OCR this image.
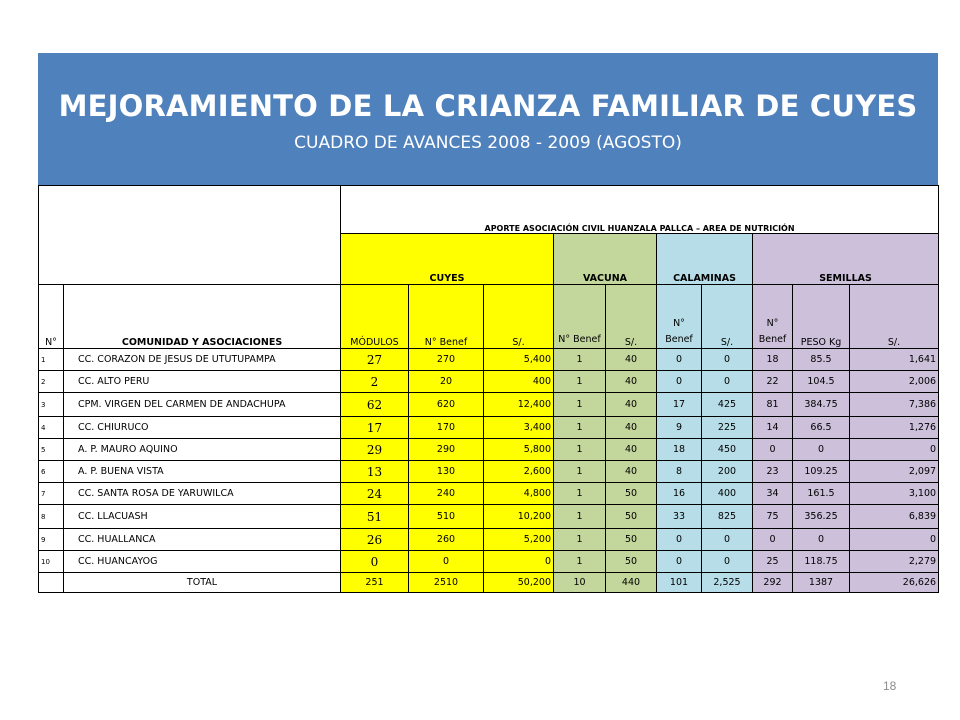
MEJORAMIENTO DE LA CRIANZA FAMILIAR DE CUYES
CUADRO DE AVANCES 2008 - 2009 (AGOSTO)
		APORTE ASOCIACIÓN CIVIL HUANZALA PALLCA – AREA DE NUTRICIÓN									
		CUYES			VACUNA		CALAMINAS		SEMILLAS		
N°	COMUNIDAD Y ASOCIACIONES	MÓDULOS	N° Benef	S/.	N° Benef	S/.	N° Benef	S/.	N° Benef	PESO Kg	S/.
1	CC. CORAZON DE JESUS DE UTUTUPAMPA	27	270	5,400	1	40	0	0	18	85.5	1,641
2	CC. ALTO PERU	2	20	400	1	40	0	0	22	104.5	2,006
3	CPM. VIRGEN DEL CARMEN DE ANDACHUPA	62	620	12,400	1	40	17	425	81	384.75	7,386
4	CC. CHIURUCO	17	170	3,400	1	40	9	225	14	66.5	1,276
5	A. P. MAURO AQUINO	29	290	5,800	1	40	18	450	0	0	0
6	A. P. BUENA VISTA	13	130	2,600	1	40	8	200	23	109.25	2,097
7	CC. SANTA ROSA DE YARUWILCA	24	240	4,800	1	50	16	400	34	161.5	3,100
8	CC. LLACUASH	51	510	10,200	1	50	33	825	75	356.25	6,839
9	CC. HUALLANCA	26	260	5,200	1	50	0	0	0	0	0
10	CC. HUANCAYOG	0	0	0	1	50	0	0	25	118.75	2,279
	TOTAL	251	2510	50,200	10	440	101	2,525	292	1387	26,626
18
